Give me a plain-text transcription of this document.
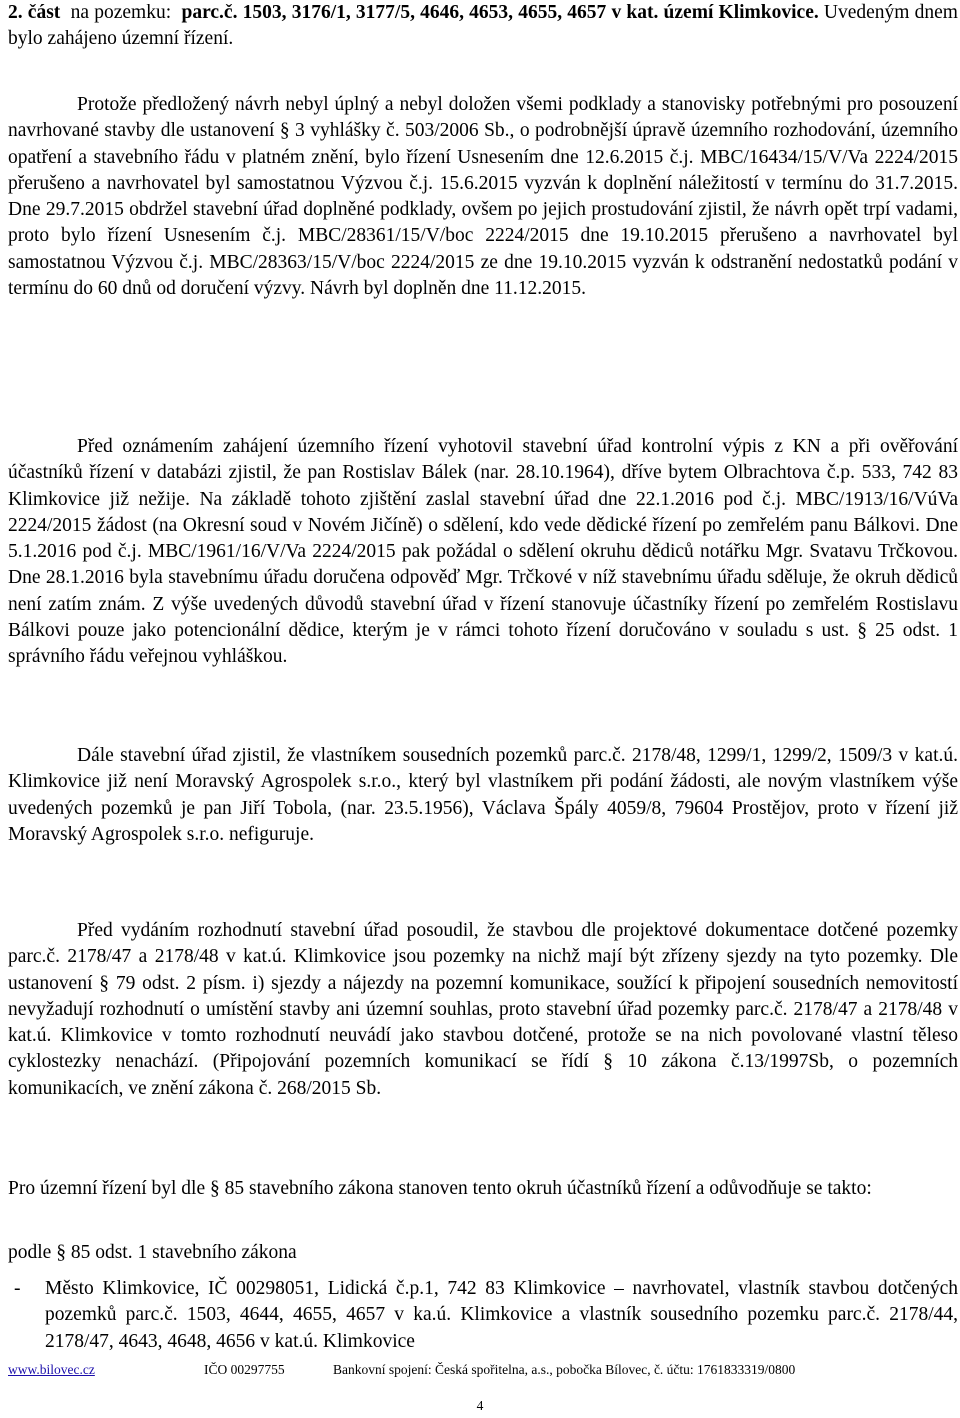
2. část na pozemku: parc.č. 1503, 3176/1, 3177/5, 4646, 4653, 4655, 4657 v kat. území Klimkovice. Uvedeným dnem bylo zahájeno územní řízení.

Protože předložený návrh nebyl úplný a nebyl doložen všemi podklady a stanovisky potřebnými pro posouzení navrhované stavby dle ustanovení § 3 vyhlášky č. 503/2006 Sb., o podrobnější úpravě územního rozhodování, územního opatření a stavebního řádu v platném znění, bylo řízení Usnesením dne 12.6.2015 č.j. MBC/16434/15/V/Va 2224/2015 přerušeno a navrhovatel byl samostatnou Výzvou č.j. 15.6.2015 vyzván k doplnění náležitostí v termínu do 31.7.2015. Dne 29.7.2015 obdržel stavební úřad doplněné podklady, ovšem po jejich prostudování zjistil, že návrh opět trpí vadami, proto bylo řízení Usnesením č.j. MBC/28361/15/V/boc 2224/2015 dne 19.10.2015 přerušeno a navrhovatel byl samostatnou Výzvou č.j. MBC/28363/15/V/boc 2224/2015 ze dne 19.10.2015 vyzván k odstranění nedostatků podání v termínu do 60 dnů od doručení výzvy. Návrh byl doplněn dne 11.12.2015.

Před oznámením zahájení územního řízení vyhotovil stavební úřad kontrolní výpis z KN a při ověřování účastníků řízení v databázi zjistil, že pan Rostislav Bálek (nar. 28.10.1964), dříve bytem Olbrachtova č.p. 533, 742 83 Klimkovice již nežije. Na základě tohoto zjištění zaslal stavební úřad dne 22.1.2016 pod č.j. MBC/1913/16/VúVa 2224/2015 žádost (na Okresní soud v Novém Jičíně) o sdělení, kdo vede dědické řízení po zemřelém panu Bálkovi. Dne 5.1.2016 pod č.j. MBC/1961/16/V/Va 2224/2015 pak požádal o sdělení okruhu dědiců notářku Mgr. Svatavu Trčkovou. Dne 28.1.2016 byla stavebnímu úřadu doručena odpověď Mgr. Trčkové v níž stavebnímu úřadu sděluje, že okruh dědiců není zatím znám. Z výše uvedených důvodů stavební úřad v řízení stanovuje účastníky řízení po zemřelém Rostislavu Bálkovi pouze jako potencionální dědice, kterým je v rámci tohoto řízení doručováno v souladu s ust. § 25 odst. 1 správního řádu veřejnou vyhláškou.

Dále stavební úřad zjistil, že vlastníkem sousedních pozemků parc.č. 2178/48, 1299/1, 1299/2, 1509/3 v kat.ú. Klimkovice již není Moravský Agrospolek s.r.o., který byl vlastníkem při podání žádosti, ale novým vlastníkem výše uvedených pozemků je pan Jiří Tobola, (nar. 23.5.1956), Václava Špály 4059/8, 79604 Prostějov, proto v řízení již Moravský Agrospolek s.r.o. nefiguruje.

Před vydáním rozhodnutí stavební úřad posoudil, že stavbou dle projektové dokumentace dotčené pozemky parc.č. 2178/47 a 2178/48 v kat.ú. Klimkovice jsou pozemky na nichž mají být zřízeny sjezdy na tyto pozemky. Dle ustanovení § 79 odst. 2 písm. i) sjezdy a nájezdy na pozemní komunikace, soužící k připojení sousedních nemovitostí nevyžadují rozhodnutí o umístění stavby ani územní souhlas, proto stavební úřad pozemky parc.č. 2178/47 a 2178/48 v kat.ú. Klimkovice v tomto rozhodnutí neuvádí jako stavbou dotčené, protože se na nich povolované vlastní těleso cyklostezky nenachází. (Připojování pozemních komunikací se řídí § 10 zákona č.13/1997Sb, o pozemních komunikacích, ve znění zákona č. 268/2015 Sb.

Pro územní řízení byl dle § 85 stavebního zákona stanoven tento okruh účastníků řízení a odůvodňuje se takto:

podle § 85 odst. 1 stavebního zákona

- Město Klimkovice, IČ 00298051, Lidická č.p.1, 742 83 Klimkovice – navrhovatel, vlastník stavbou dotčených pozemků parc.č. 1503, 4644, 4655, 4657 v ka.ú. Klimkovice a vlastník sousedního pozemku parc.č. 2178/44, 2178/47, 4643, 4648, 4656 v kat.ú. Klimkovice
www.bilovec.cz	IČO 00297755	Bankovní spojení: Česká spořitelna, a.s., pobočka Bílovec, č. účtu: 1761833319/0800
4
